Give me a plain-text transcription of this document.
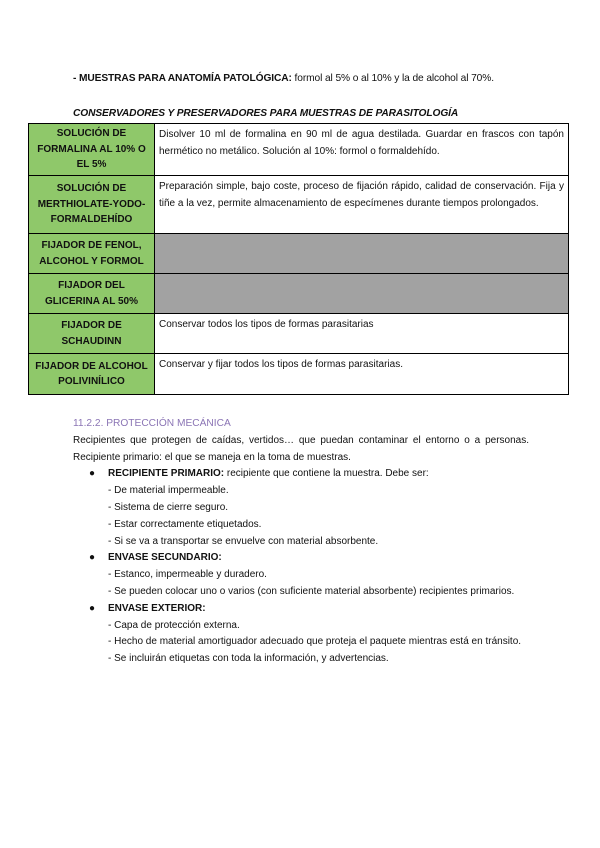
- MUESTRAS PARA ANATOMÍA PATOLÓGICA: formol al 5% o al 10% y la de alcohol al 70%.
CONSERVADORES Y PRESERVADORES PARA MUESTRAS DE PARASITOLOGÍA
SOLUCIÓN DE FORMALINA AL 10% O EL 5%	Disolver 10 ml de formalina en 90 ml de agua destilada. Guardar en frascos con tapón hermético no metálico. Solución al 10%: formol o formaldehído.
SOLUCIÓN DE MERTHIOLATE-YODO-FORMALDEHÍDO	Preparación simple, bajo coste, proceso de fijación rápido, calidad de conservación. Fija y tiñe a la vez, permite almacenamiento de especímenes durante tiempos prolongados.
FIJADOR DE FENOL, ALCOHOL Y FORMOL	
FIJADOR DEL GLICERINA AL 50%	
FIJADOR DE SCHAUDINN	Conservar todos los tipos de formas parasitarias
FIJADOR DE ALCOHOL POLIVINÍLICO	Conservar y fijar todos los tipos de formas parasitarias.
11.2.2. PROTECCIÓN MECÁNICA
Recipientes que protegen de caídas, vertidos… que puedan contaminar el entorno o a personas. Recipiente primario: el que se maneja en la toma de muestras.
● RECIPIENTE PRIMARIO: recipiente que contiene la muestra. Debe ser:
- De material impermeable.
- Sistema de cierre seguro.
- Estar correctamente etiquetados.
- Si se va a transportar se envuelve con material absorbente.
● ENVASE SECUNDARIO:
- Estanco, impermeable y duradero.
- Se pueden colocar uno o varios (con suficiente material absorbente) recipientes primarios.
● ENVASE EXTERIOR:
- Capa de protección externa.
- Hecho de material amortiguador adecuado que proteja el paquete mientras está en tránsito.
- Se incluirán etiquetas con toda la información, y advertencias.
